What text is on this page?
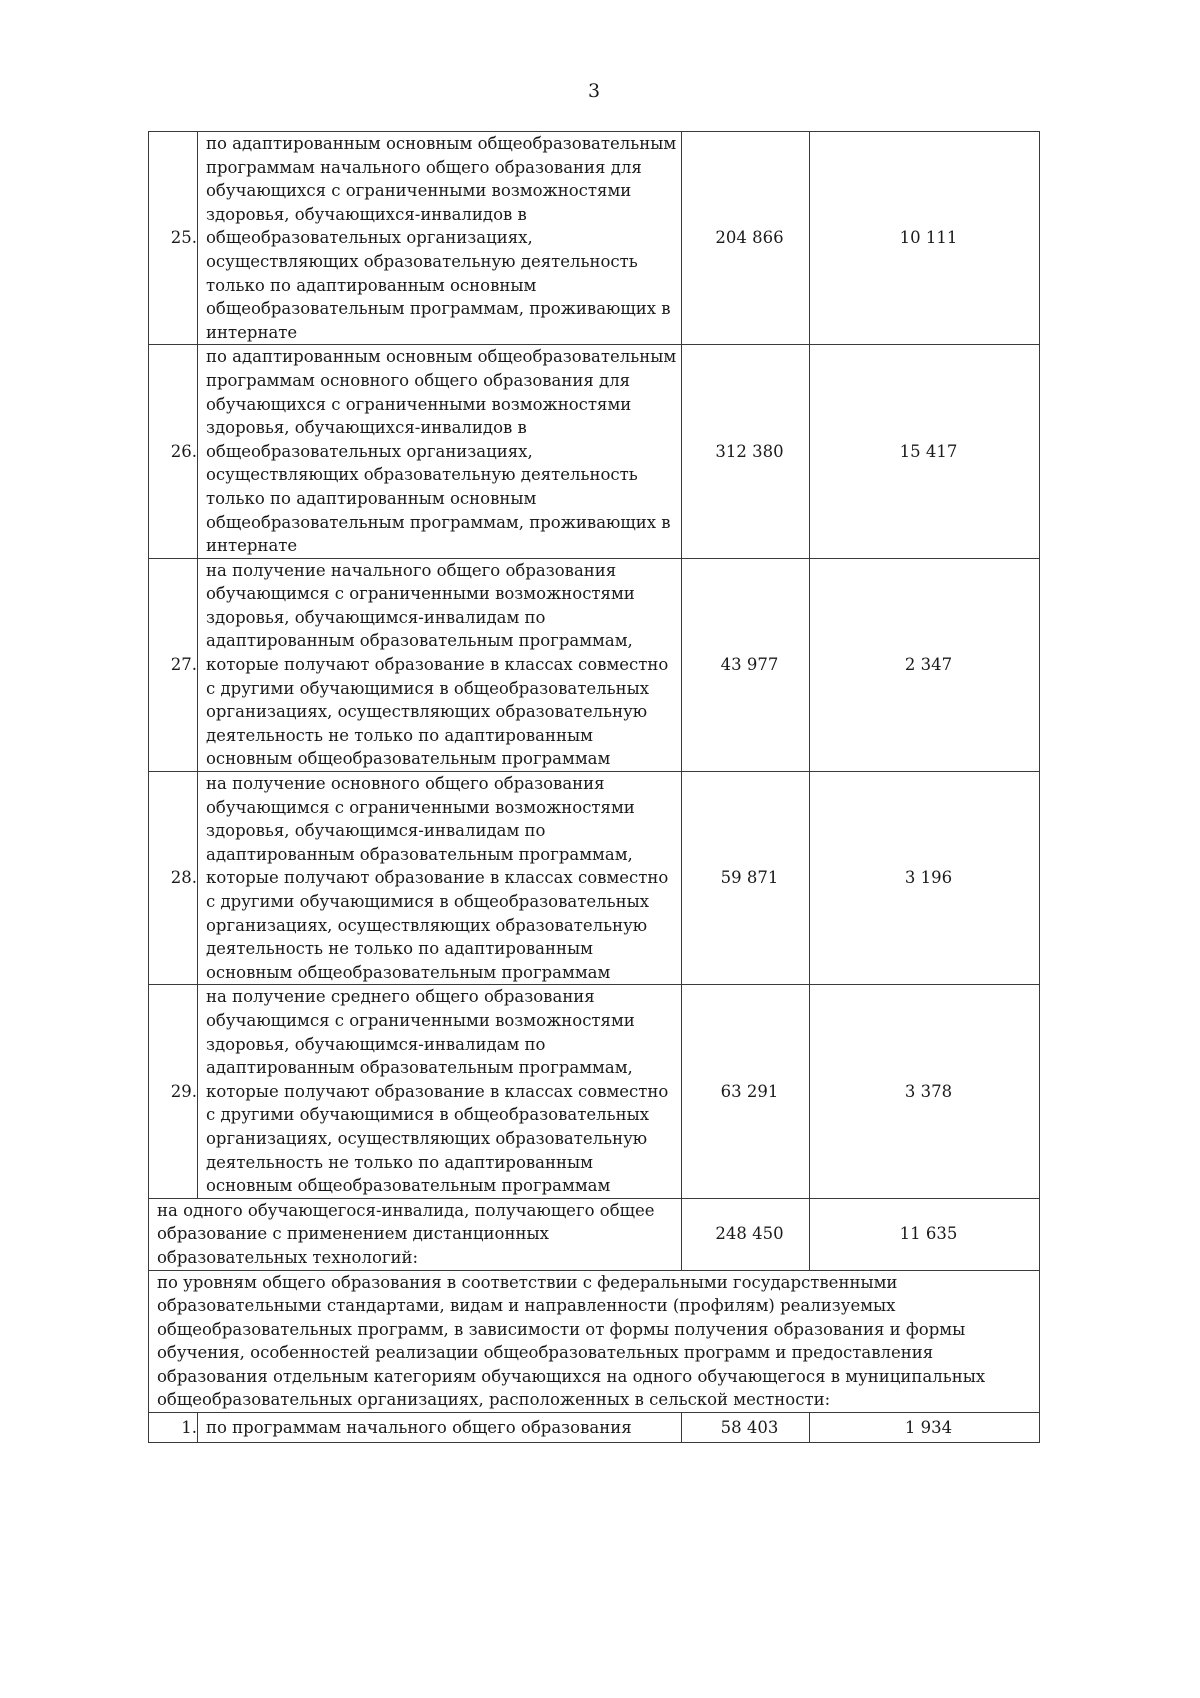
3
25.	по адаптированным основным общеобразовательным программам начального общего образования для обучающихся с ограниченными возможностями здоровья, обучающихся-инвалидов в общеобразовательных организациях, осуществляющих образовательную деятельность только по адаптированным основным общеобразовательным программам, проживающих в интернате	204 866	10 111
26.	по адаптированным основным общеобразовательным программам основного общего образования для обучающихся с ограниченными возможностями здоровья, обучающихся-инвалидов в общеобразовательных организациях, осуществляющих образовательную деятельность только по адаптированным основным общеобразовательным программам, проживающих в интернате	312 380	15 417
27.	на получение начального общего образования обучающимся с ограниченными возможностями здоровья, обучающимся-инвалидам по адаптированным образовательным программам, которые получают образование в классах совместно с другими обучающимися в общеобразовательных организациях, осуществляющих образовательную деятельность не только по адаптированным основным общеобразовательным программам	43 977	2 347
28.	на получение основного общего образования обучающимся с ограниченными возможностями здоровья, обучающимся-инвалидам по адаптированным образовательным программам, которые получают образование в классах совместно с другими обучающимися в общеобразовательных организациях, осуществляющих образовательную деятельность не только по адаптированным основным общеобразовательным программам	59 871	3 196
29.	на получение среднего общего образования обучающимся с ограниченными возможностями здоровья, обучающимся-инвалидам по адаптированным образовательным программам, которые получают образование в классах совместно с другими обучающимися в общеобразовательных организациях, осуществляющих образовательную деятельность не только по адаптированным основным общеобразовательным программам	63 291	3 378
на одного обучающегося-инвалида, получающего общее образование с применением дистанционных образовательных технологий:		248 450	11 635
по уровням общего образования в соответствии с федеральными государственными образовательными стандартами, видам и направленности (профилям) реализуемых общеобразовательных программ, в зависимости от формы получения образования и формы обучения, особенностей реализации общеобразовательных программ и предоставления образования отдельным категориям обучающихся на одного обучающегося в муниципальных общеобразовательных организациях, расположенных в сельской местности:			
1.	по программам начального общего образования	58 403	1 934
